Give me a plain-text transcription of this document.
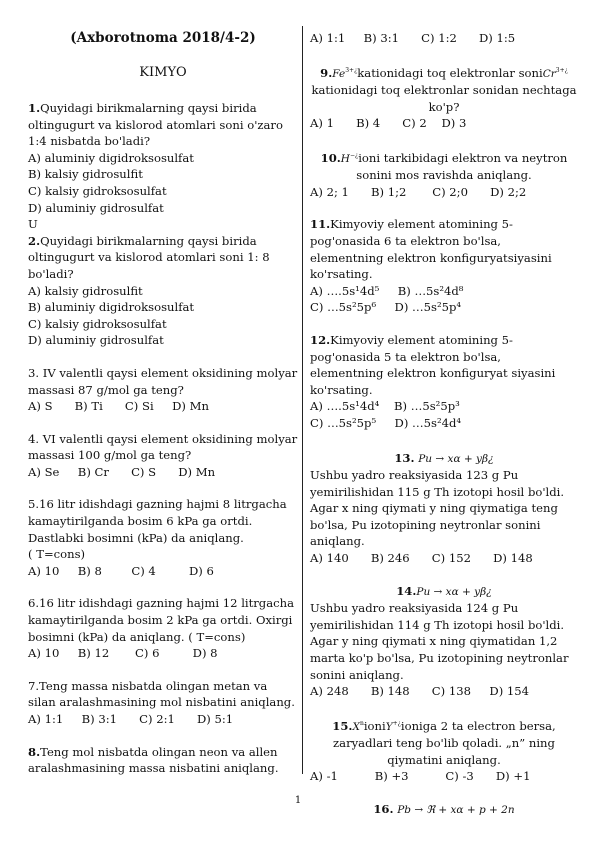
(Axborotnoma 2018/4-2)

KIMYO

1.Quyidagi birikmalarning qaysi birida oltingugurt va kislorod atomlari soni o'zaro 1:4 nisbatda bo'ladi?

A) aluminiy digidroksosulfat

B) kalsiy gidrosulfit

C) kalsiy gidroksosulfat

D) aluminiy gidrosulfat

U

2.Quyidagi birikmalarning qaysi birida oltingugurt va kislorod atomlari soni 1: 8 bo'ladi?

A) kalsiy gidrosulfit

B) aluminiy digidroksosulfat

C) kalsiy gidroksosulfat

D) aluminiy gidrosulfat

3. IV valentli qaysi element oksidining molyar massasi 87 g/mol ga teng?

A) S      B) Ti      C) Si     D) Mn

4. VI valentli qaysi element oksidining molyar massasi 100 g/mol ga teng?

A) Se     B) Cr      C) S      D) Mn

5.16 litr idishdagi gazning hajmi 8 litrgacha kamaytirilganda bosim 6 kPa ga ortdi. Dastlabki bosimni (kPa) da aniqlang.

( T=cons)

A) 10     B) 8        C) 4         D) 6

6.16 litr idishdagi gazning hajmi 12 litrgacha kamaytirilganda bosim 2 kPa ga ortdi. Oxirgi bosimni (kPa) da aniqlang. ( T=cons)

A) 10     B) 12       C) 6         D) 8

7.Teng massa nisbatda olingan metan va silan aralashmasining mol nisbatini aniqlang.

A) 1:1     B) 3:1      C) 2:1      D) 5:1

8.Teng mol nisbatda olingan neon va allen aralashmasining massa nisbatini aniqlang.

A) 1:1     B) 3:1      C) 1:2      D) 1:5

$9.Fe^{3+¿}kationidagi$ toq elektronlar soniCr$^{3+¿}$ kationidagi toq elektronlar sonidan nechtaga ko'p?

A) 1      B) 4      C) 2    D) 3

10.H−¿ioni tarkibidagi elektron va neytron sonini mos ravishda aniqlang.

A) 2; 1      B) 1;2       C) 2;0      D) 2;2

11.Kimyoviy element atomining 5-pog'onasida 6 ta elektron bo'lsa, elementning elektron konfiguryatsiyasini ko'rsating.

A) ….5s¹4d⁵ B) …5s²4d⁸

C) …5s²5p⁶ D) …5s²5p⁴

12.Kimyoviy element atomining 5-pog'onasida 5 ta elektron bo'lsa, elementning elektron konfiguryat siyasini ko'rsating.

A) ….5s¹4d⁴ B) …5s²5p³

C) …5s²5p⁵ D) …5s²4d⁴

13. Pu → xα + yβ¿

Ushbu yadro reaksiyasida 123 g Pu yemirilishidan 115 g Th izotopi hosil bo'ldi. Agar x ning qiymati y ning qiymatiga teng bo'lsa, Pu izotopining neytronlar sonini aniqlang.

A) 140      B) 246      C) 152      D) 148

14.Pu → xα + yβ¿

Ushbu yadro reaksiyasida 124 g Pu yemirilishidan 114 g Th izotopi hosil bo'ldi. Agar y ning qiymati x ning qiymatidan 1,2 marta ko'p bo'lsa, Pu izotopining neytronlar sonini aniqlang.

A) 248      B) 148      C) 138     D) 154

$15.X^nioniY^{+¿}ioniga$ 2 ta electron bersa, zaryadlari teng bo'lib qoladi. „n” ning qiymatini aniqlang.

A) -1          B) +3          C) -3      D) +1

16. Pb → ℜ + xα + p + 2n

1
